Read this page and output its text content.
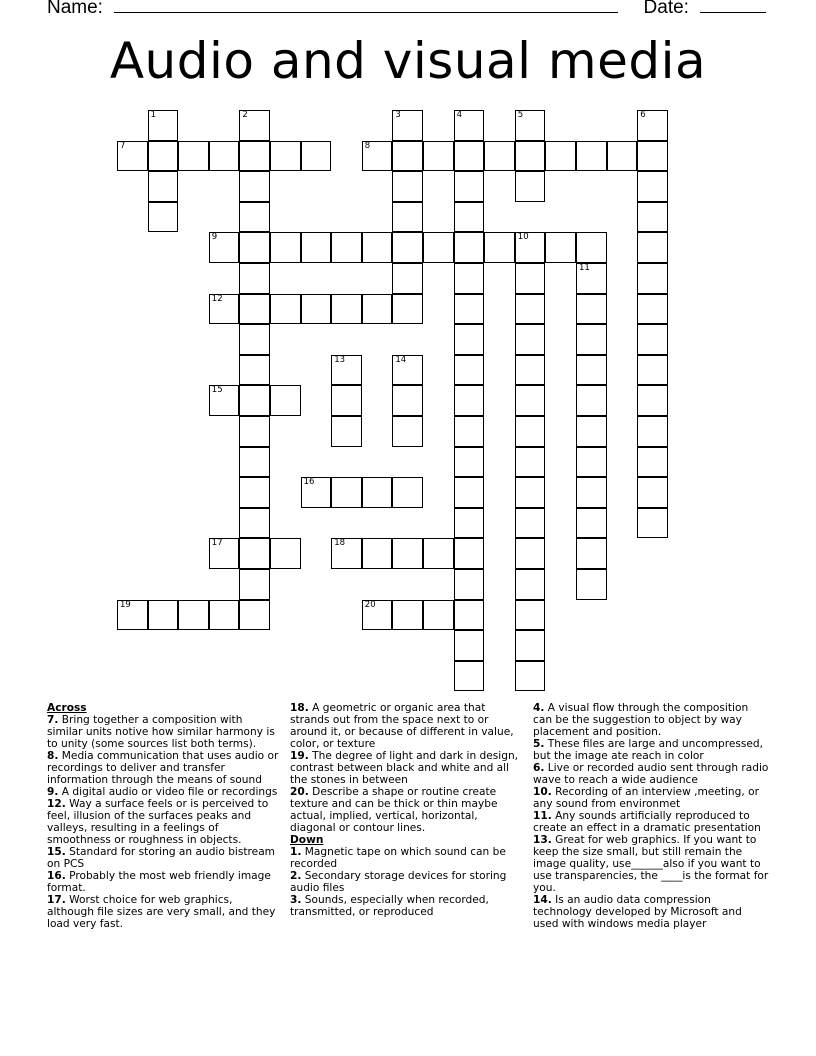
Name:	Date:
Audio and visual media
1	2	3	4	5	6
7	8
9	10
11
12
13	14
15
16
17	18
19	20
Across
7. Bring together a composition with similar units notive how similar harmony is to unity (some sources list both terms).
8. Media communication that uses audio or recordings to deliver and transfer information through the means of sound
9. A digital audio or video file or recordings
12. Way a surface feels or is perceived to feel, illusion of the surfaces peaks and valleys, resulting in a feelings of smoothness or roughness in objects.
15. Standard for storing an audio bistream on PCS
16. Probably the most web friendly image format.
17. Worst choice for web graphics, although file sizes are very small, and they load very fast.
18. A geometric or organic area that strands out from the space next to or around it, or because of different in value, color, or texture
19. The degree of light and dark in design, contrast between black and white and all the stones in between
20. Describe a shape or routine create texture and can be thick or thin maybe actual, implied, vertical, horizontal, diagonal or contour lines.
Down
1. Magnetic tape on which sound can be recorded
2. Secondary storage devices for storing audio files
3. Sounds, especially when recorded, transmitted, or reproduced
4. A visual flow through the composition can be the suggestion to object by way placement and position.
5. These files are large and uncompressed, but the image ate reach in color
6. Live or recorded audio sent through radio wave to reach a wide audience
10. Recording of an interview ,meeting, or any sound from environmet
11. Any sounds artificially reproduced to create an effect in a dramatic presentation
13. Great for web graphics. If you want to keep the size small, but still remain the image quality, use______also if you want to use transparencies, the ____is the format for you.
14. Is an audio data compression technology developed by Microsoft and used with windows media player
